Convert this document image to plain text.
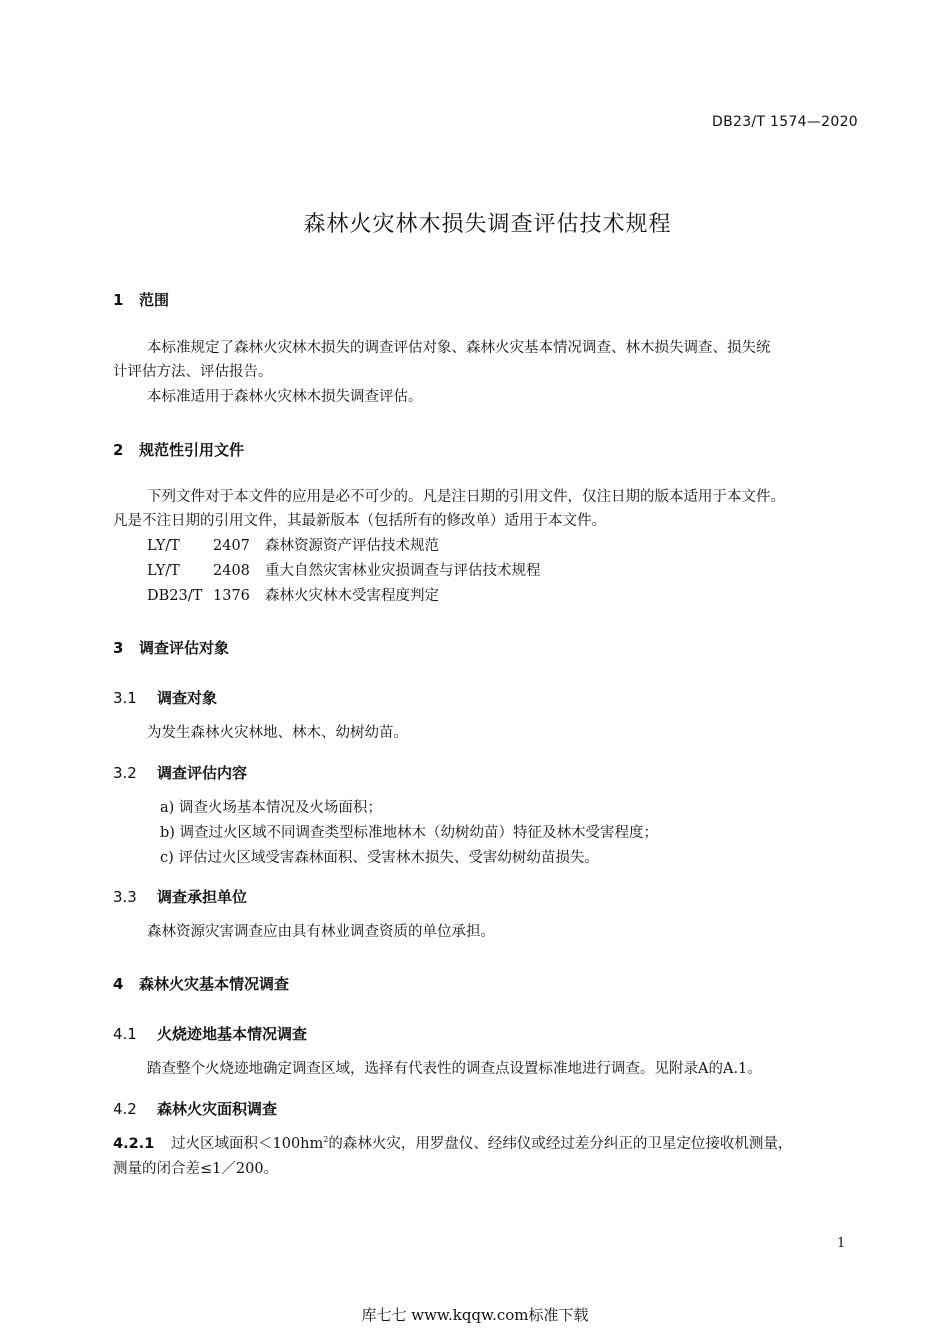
DB23/T 1574—2020
森林火灾林木损失调查评估技术规程
1 范围
本标准规定了森林火灾林木损失的调查评估对象、森林火灾基本情况调查、林木损失调查、损失统
计评估方法、评估报告。
本标准适用于森林火灾林木损失调查评估。
2 规范性引用文件
下列文件对于本文件的应用是必不可少的。凡是注日期的引用文件，仅注日期的版本适用于本文件。
凡是不注日期的引用文件，其最新版本（包括所有的修改单）适用于本文件。
LY/T 2407 森林资源资产评估技术规范
LY/T 2408 重大自然灾害林业灾损调查与评估技术规程
DB23/T 1376 森林火灾林木受害程度判定
3 调查评估对象
3.1 调查对象
为发生森林火灾林地、林木、幼树幼苗。
3.2 调查评估内容
a) 调查火场基本情况及火场面积；
b) 调查过火区域不同调查类型标准地林木（幼树幼苗）特征及林木受害程度；
c) 评估过火区域受害森林面积、受害林木损失、受害幼树幼苗损失。
3.3 调查承担单位
森林资源灾害调查应由具有林业调查资质的单位承担。
4 森林火灾基本情况调查
4.1 火烧迹地基本情况调查
踏查整个火烧迹地确定调查区域，选择有代表性的调查点设置标准地进行调查。见附录A的A.1。
4.2 森林火灾面积调查
4.2.1 过火区域面积$<100hm^2$的森林火灾，用罗盘仪、经纬仪或经过差分纠正的卫星定位接收机测量，
测量的闭合差≤1／200。
1
库七七 www.kqqw.com标准下载
